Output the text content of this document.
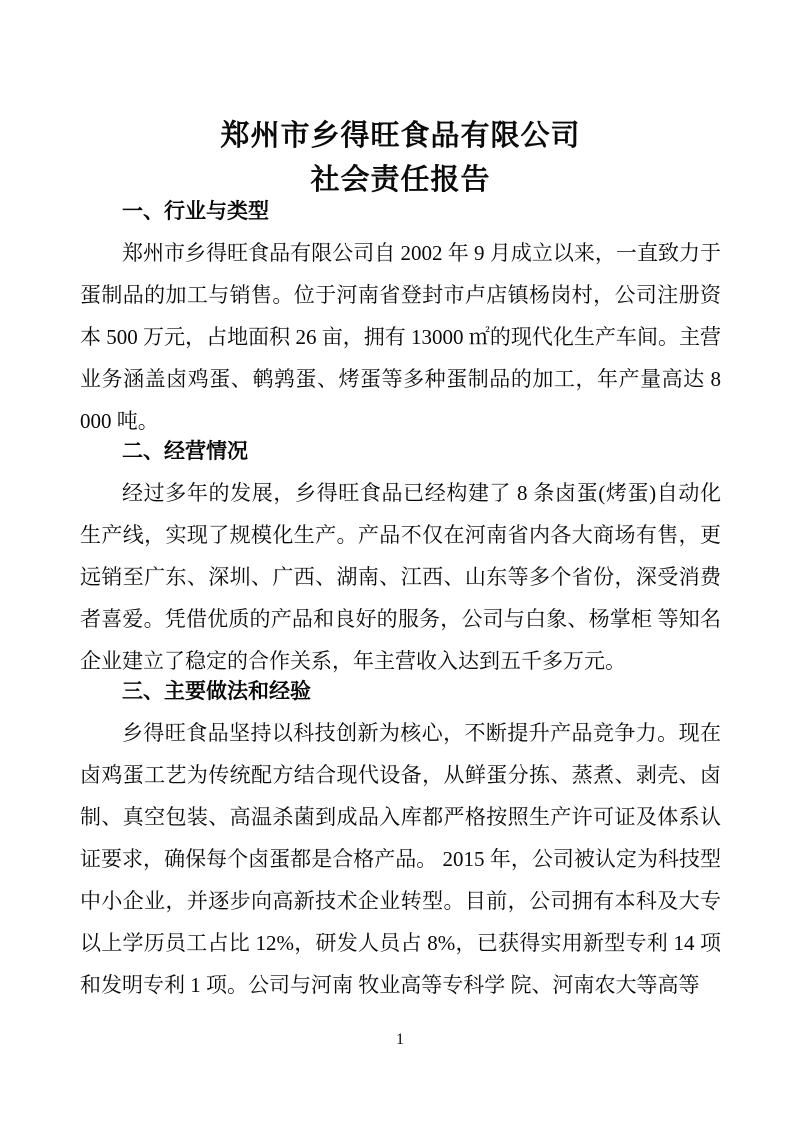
郑州市乡得旺食品有限公司
社会责任报告
一、行业与类型

郑州市乡得旺食品有限公司自 2002 年 9 月成立以来，一直致力于蛋制品的加工与销售。位于河南省登封市卢店镇杨岗村，公司注册资本 500 万元，占地面积 26 亩，拥有 13000 ㎡的现代化生产车间。主营业务涵盖卤鸡蛋、鹌鹑蛋、烤蛋等多种蛋制品的加工，年产量高达 8 000 吨。

二、经营情况

经过多年的发展，乡得旺食品已经构建了 8 条卤蛋(烤蛋)自动化生产线，实现了规模化生产。产品不仅在河南省内各大商场有售，更远销至广东、深圳、广西、湖南、江西、山东等多个省份，深受消费者喜爱。凭借优质的产品和良好的服务，公司与白象、杨掌柜 等知名企业建立了稳定的合作关系，年主营收入达到五千多万元。

三、主要做法和经验

乡得旺食品坚持以科技创新为核心，不断提升产品竞争力。现在卤鸡蛋工艺为传统配方结合现代设备，从鲜蛋分拣、蒸煮、剥壳、卤制、真空包装、高温杀菌到成品入库都严格按照生产许可证及体系认证要求，确保每个卤蛋都是合格产品。 2015 年，公司被认定为科技型中小企业，并逐步向高新技术企业转型。目前，公司拥有本科及大专以上学历员工占比 12%，研发人员占 8%，已获得实用新型专利 14 项和发明专利 1 项。公司与河南 牧业高等专科学 院、河南农大等高等

1
